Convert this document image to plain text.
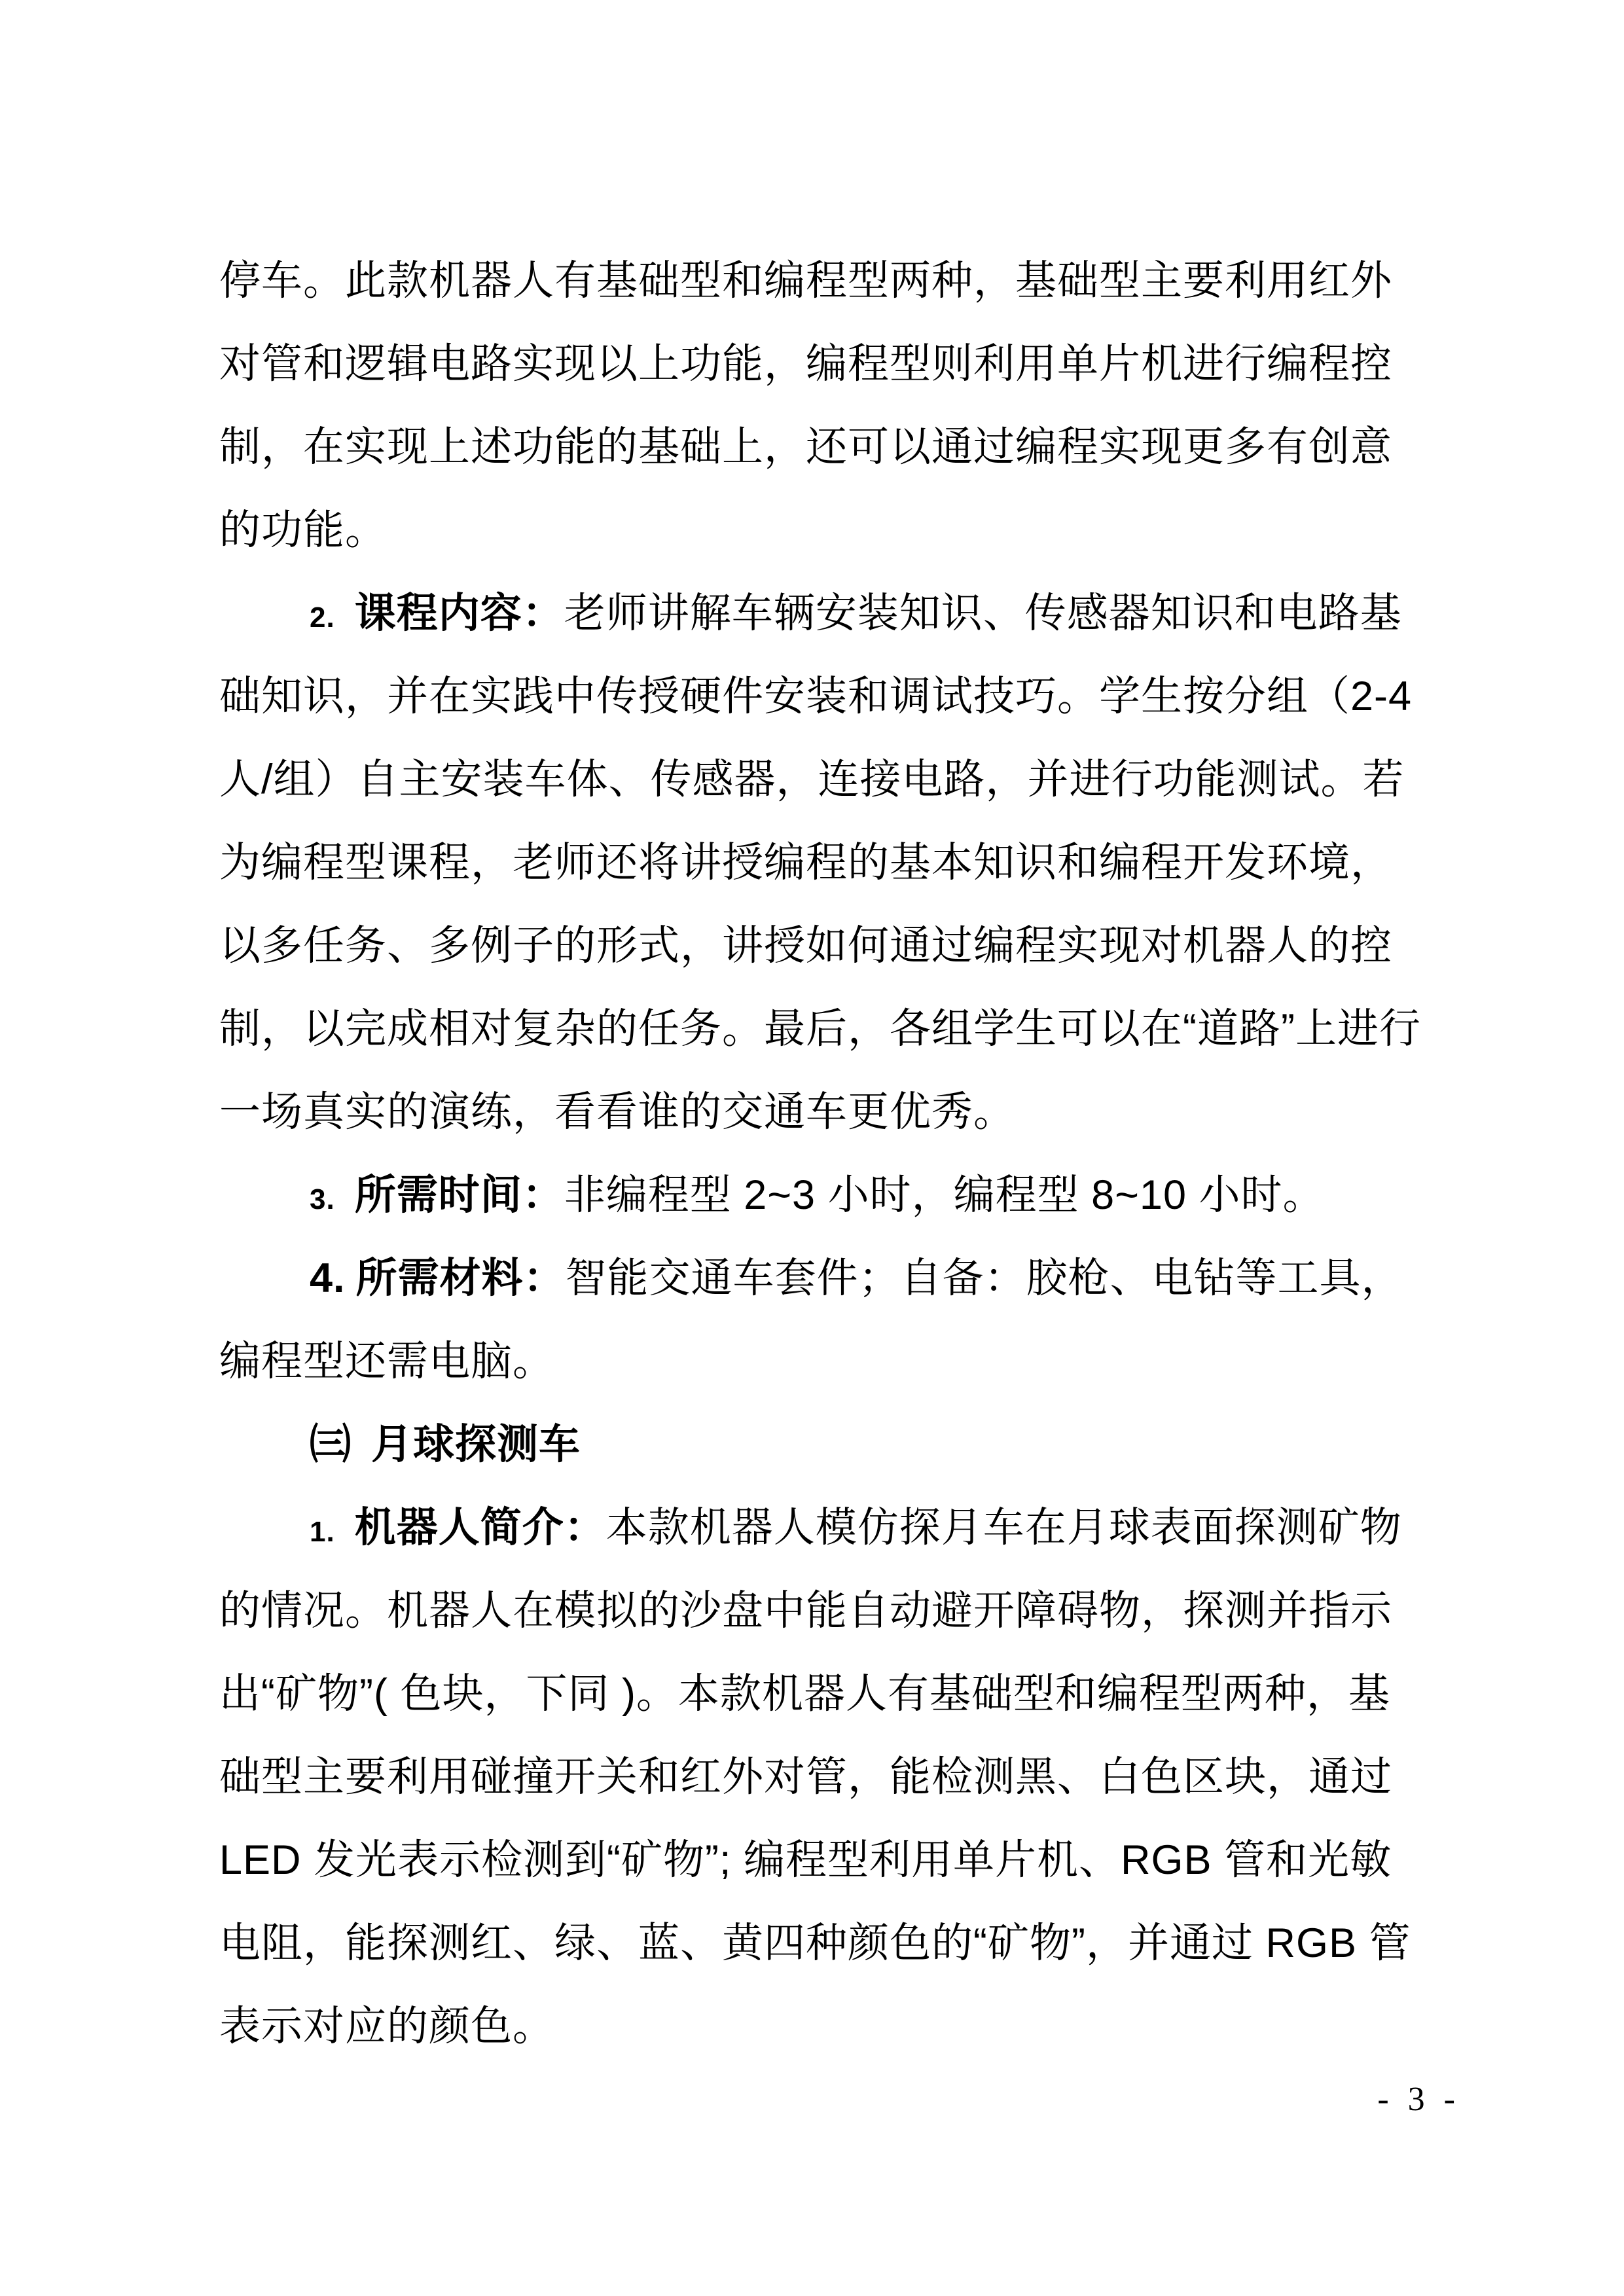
停车。此款机器人有基础型和编程型两种，基础型主要利用红外
对管和逻辑电路实现以上功能，编程型则利用单片机进行编程控
制，在实现上述功能的基础上，还可以通过编程实现更多有创意
的功能。
2. 课程内容：老师讲解车辆安装知识、传感器知识和电路基
础知识，并在实践中传授硬件安装和调试技巧。学生按分组（2-4
人/组）自主安装车体、传感器，连接电路，并进行功能测试。若
为编程型课程，老师还将讲授编程的基本知识和编程开发环境，
以多任务、多例子的形式，讲授如何通过编程实现对机器人的控
制，以完成相对复杂的任务。最后，各组学生可以在“道路”上进行
一场真实的演练，看看谁的交通车更优秀。
3. 所需时间：非编程型 2~3 小时，编程型 8~10 小时。
4. 所需材料：智能交通车套件；自备：胶枪、电钻等工具，
编程型还需电脑。
㈢ 月球探测车
1. 机器人简介：本款机器人模仿探月车在月球表面探测矿物
的情况。机器人在模拟的沙盘中能自动避开障碍物，探测并指示
出“矿物”( 色块，下同 )。本款机器人有基础型和编程型两种，基
础型主要利用碰撞开关和红外对管，能检测黑、白色区块，通过
LED 发光表示检测到“矿物”; 编程型利用单片机、RGB 管和光敏
电阻，能探测红、绿、蓝、黄四种颜色的“矿物”，并通过 RGB 管
表示对应的颜色。
- 3 -
